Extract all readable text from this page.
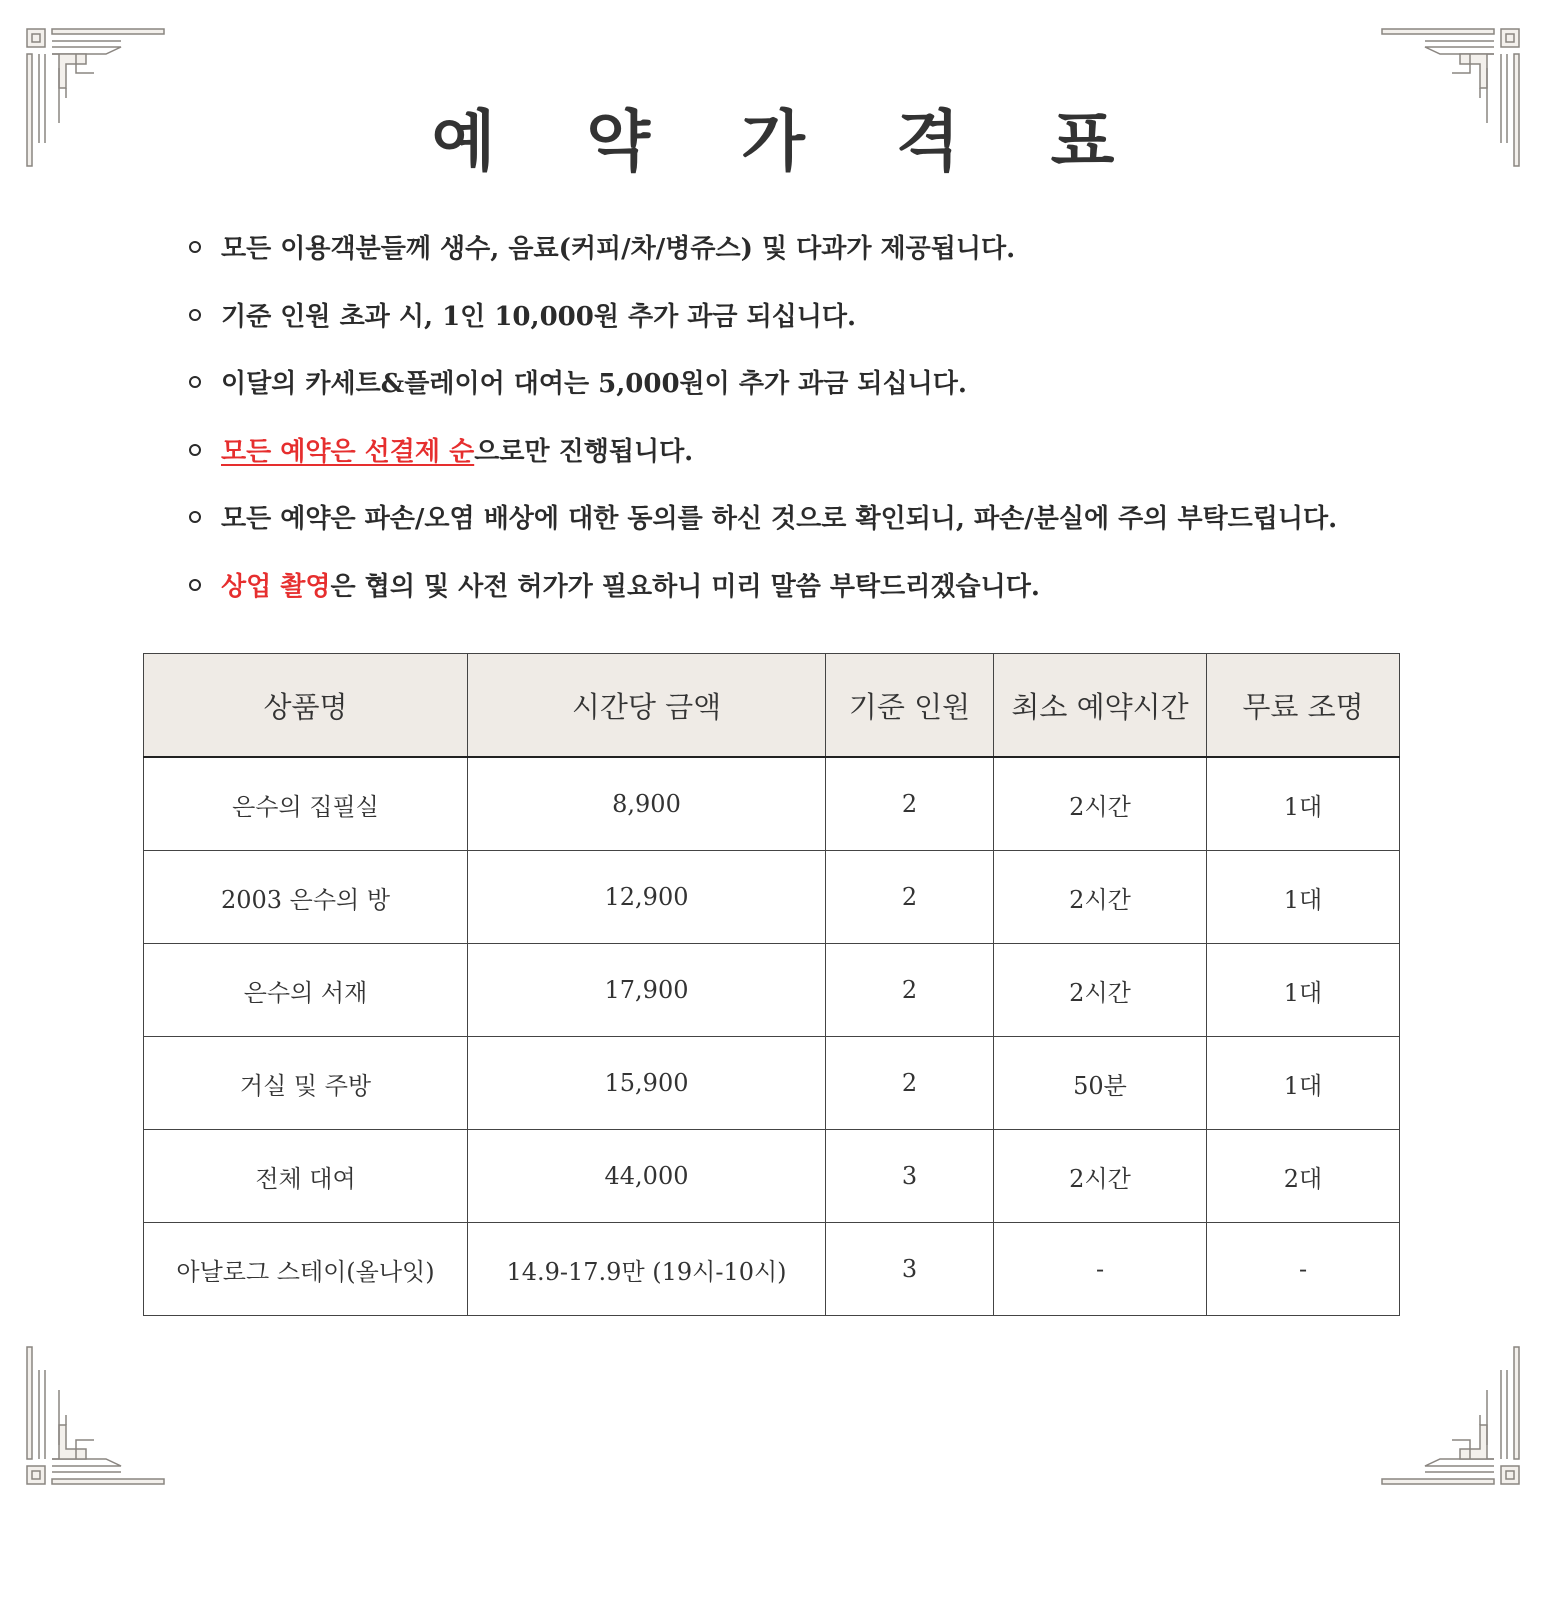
예 약 가 격 표
모든 이용객분들께 생수, 음료(커피/차/병쥬스) 및 다과가 제공됩니다.
기준 인원 초과 시, 1인 10,000원 추가 과금 되십니다.
이달의 카세트&플레이어 대여는 5,000원이 추가 과금 되십니다.
모든 예약은 선결제 순으로만 진행됩니다.
모든 예약은 파손/오염 배상에 대한 동의를 하신 것으로 확인되니, 파손/분실에 주의 부탁드립니다.
상업 촬영은 협의 및 사전 허가가 필요하니 미리 말씀 부탁드리겠습니다.
상품명	시간당 금액	기준 인원	최소 예약시간	무료 조명
은수의 집필실	8,900	2	2시간	1대
2003 은수의 방	12,900	2	2시간	1대
은수의 서재	17,900	2	2시간	1대
거실 및 주방	15,900	2	50분	1대
전체 대여	44,000	3	2시간	2대
아날로그 스테이(올나잇)	14.9-17.9만 (19시-10시)	3	-	-
